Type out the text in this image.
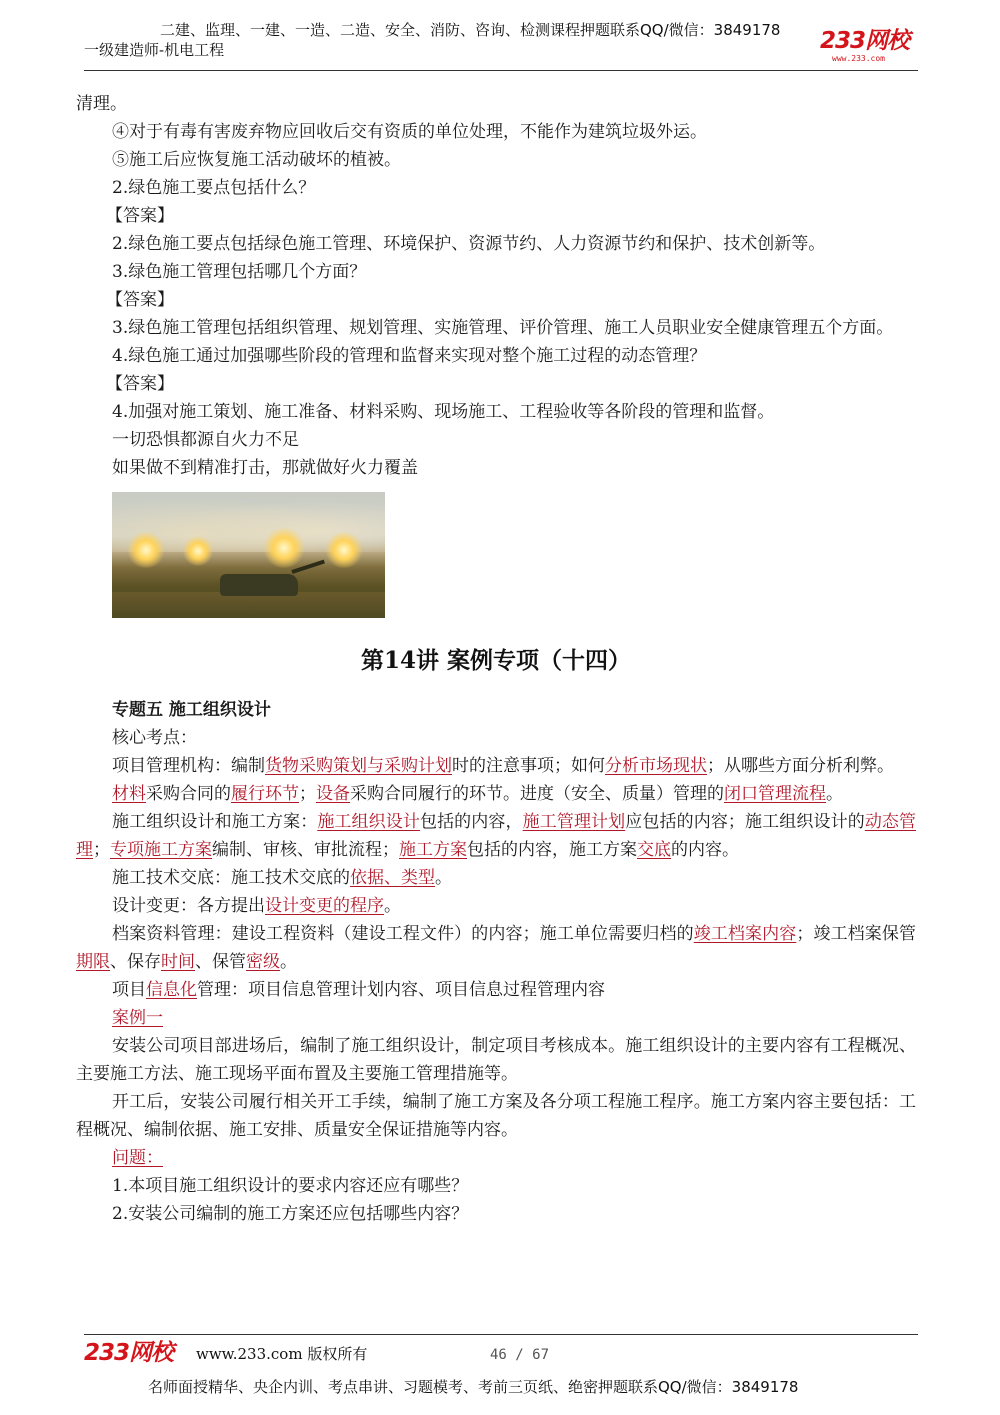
二建、监理、一建、一造、二造、安全、消防、咨询、检测课程押题联系QQ/微信：3849178
一级建造师-机电工程	233网校
www.233.com

清理。

④对于有毒有害废弃物应回收后交有资质的单位处理，不能作为建筑垃圾外运。

⑤施工后应恢复施工活动破坏的植被。

2.绿色施工要点包括什么？

【答案】

2.绿色施工要点包括绿色施工管理、环境保护、资源节约、人力资源节约和保护、技术创新等。

3.绿色施工管理包括哪几个方面？

【答案】

3.绿色施工管理包括组织管理、规划管理、实施管理、评价管理、施工人员职业安全健康管理五个方面。

4.绿色施工通过加强哪些阶段的管理和监督来实现对整个施工过程的动态管理？

【答案】

4.加强对施工策划、施工准备、材料采购、现场施工、工程验收等各阶段的管理和监督。

一切恐惧都源自火力不足

如果做不到精准打击，那就做好火力覆盖

第14讲 案例专项（十四）

专题五 施工组织设计

核心考点：

项目管理机构：编制货物采购策划与采购计划时的注意事项；如何分析市场现状；从哪些方面分析利弊。

材料采购合同的履行环节；设备采购合同履行的环节。进度（安全、质量）管理的闭口管理流程。

施工组织设计和施工方案：施工组织设计包括的内容，施工管理计划应包括的内容；施工组织设计的动态管理；专项施工方案编制、审核、审批流程；施工方案包括的内容，施工方案交底的内容。

施工技术交底：施工技术交底的依据、类型。

设计变更：各方提出设计变更的程序。

档案资料管理：建设工程资料（建设工程文件）的内容；施工单位需要归档的竣工档案内容；竣工档案保管期限、保存时间、保管密级。

项目信息化管理：项目信息管理计划内容、项目信息过程管理内容

案例一

安装公司项目部进场后，编制了施工组织设计，制定项目考核成本。施工组织设计的主要内容有工程概况、主要施工方法、施工现场平面布置及主要施工管理措施等。

开工后，安装公司履行相关开工手续，编制了施工方案及各分项工程施工程序。施工方案内容主要包括：工程概况、编制依据、施工安排、质量安全保证措施等内容。

问题：

1.本项目施工组织设计的要求内容还应有哪些？

2.安装公司编制的施工方案还应包括哪些内容？

233网校 www.233.com 版权所有	46 / 67
名师面授精华、央企内训、考点串讲、习题模考、考前三页纸、绝密押题联系QQ/微信：3849178
